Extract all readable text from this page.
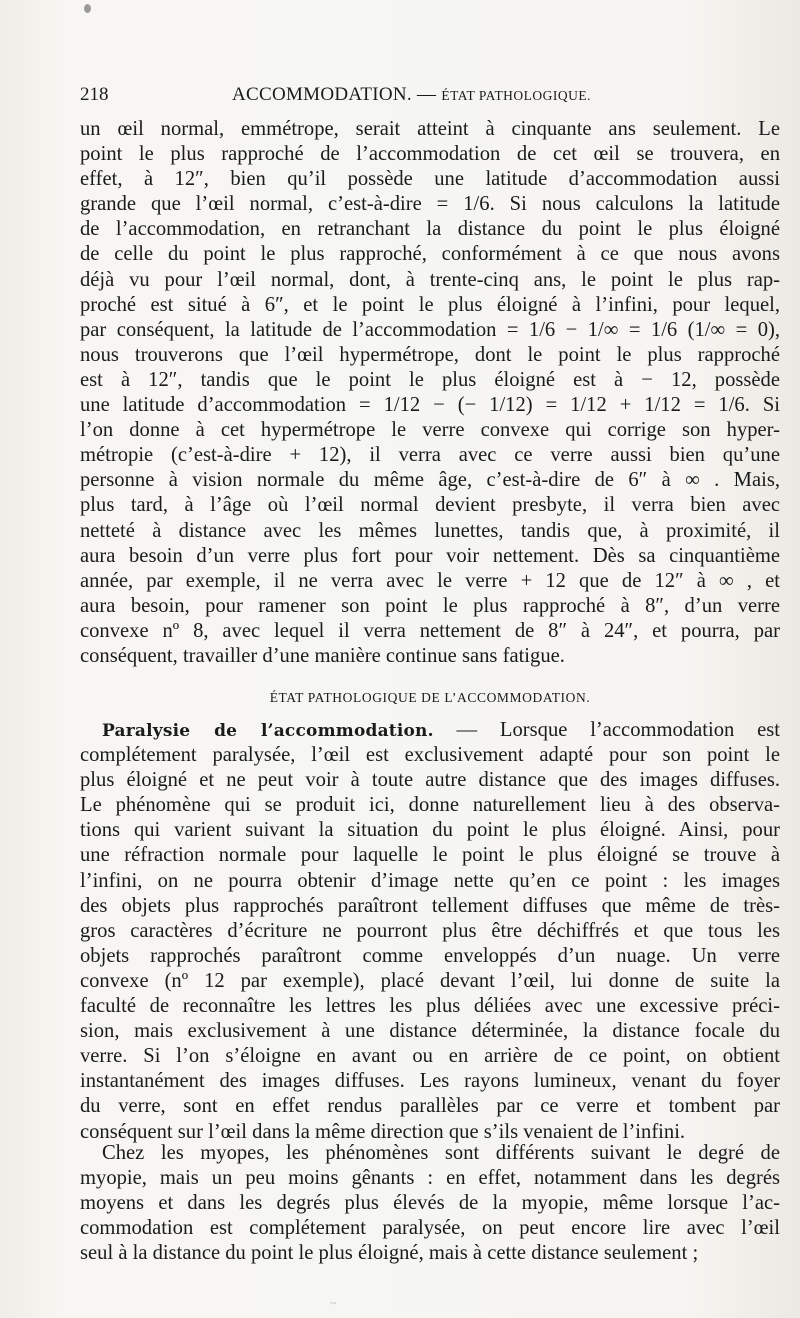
218	ACCOMMODATION. — ÉTAT PATHOLOGIQUE.
un œil normal, emmétrope, serait atteint à cinquante ans seulement. Le
point le plus rapproché de l’accommodation de cet œil se trouvera, en
effet, à 12″, bien qu’il possède une latitude d’accommodation aussi
grande que l’œil normal, c’est-à-dire = 1/6. Si nous calculons la latitude
de l’accommodation, en retranchant la distance du point le plus éloigné
de celle du point le plus rapproché, conformément à ce que nous avons
déjà vu pour l’œil normal, dont, à trente-cinq ans, le point le plus rap-
proché est situé à 6″, et le point le plus éloigné à l’infini, pour lequel,
par conséquent, la latitude de l’accommodation = 1/6 − 1/∞ = 1/6 (1/∞ = 0),
nous trouverons que l’œil hypermétrope, dont le point le plus rapproché
est à 12″, tandis que le point le plus éloigné est à − 12, possède
une latitude d’accommodation = 1/12 − (− 1/12) = 1/12 + 1/12 = 1/6. Si
l’on donne à cet hypermétrope le verre convexe qui corrige son hyper-
métropie (c’est-à-dire + 12), il verra avec ce verre aussi bien qu’une
personne à vision normale du même âge, c’est-à-dire de 6″ à ∞ . Mais,
plus tard, à l’âge où l’œil normal devient presbyte, il verra bien avec
netteté à distance avec les mêmes lunettes, tandis que, à proximité, il
aura besoin d’un verre plus fort pour voir nettement. Dès sa cinquantième
année, par exemple, il ne verra avec le verre + 12 que de 12″ à ∞ , et
aura besoin, pour ramener son point le plus rapproché à 8″, d’un verre
convexe nº 8, avec lequel il verra nettement de 8″ à 24″, et pourra, par
conséquent, travailler d’une manière continue sans fatigue.
ÉTAT PATHOLOGIQUE DE L’ACCOMMODATION.
Paralysie de l’accommodation. — Lorsque l’accommodation est
complétement paralysée, l’œil est exclusivement adapté pour son point le
plus éloigné et ne peut voir à toute autre distance que des images diffuses.
Le phénomène qui se produit ici, donne naturellement lieu à des observa-
tions qui varient suivant la situation du point le plus éloigné. Ainsi, pour
une réfraction normale pour laquelle le point le plus éloigné se trouve à
l’infini, on ne pourra obtenir d’image nette qu’en ce point : les images
des objets plus rapprochés paraîtront tellement diffuses que même de très-
gros caractères d’écriture ne pourront plus être déchiffrés et que tous les
objets rapprochés paraîtront comme enveloppés d’un nuage. Un verre
convexe (nº 12 par exemple), placé devant l’œil, lui donne de suite la
faculté de reconnaître les lettres les plus déliées avec une excessive préci-
sion, mais exclusivement à une distance déterminée, la distance focale du
verre. Si l’on s’éloigne en avant ou en arrière de ce point, on obtient
instantanément des images diffuses. Les rayons lumineux, venant du foyer
du verre, sont en effet rendus parallèles par ce verre et tombent par
conséquent sur l’œil dans la même direction que s’ils venaient de l’infini.
Chez les myopes, les phénomènes sont différents suivant le degré de
myopie, mais un peu moins gênants : en effet, notamment dans les degrés
moyens et dans les degrés plus élevés de la myopie, même lorsque l’ac-
commodation est complétement paralysée, on peut encore lire avec l’œil
seul à la distance du point le plus éloigné, mais à cette distance seulement ;
~
